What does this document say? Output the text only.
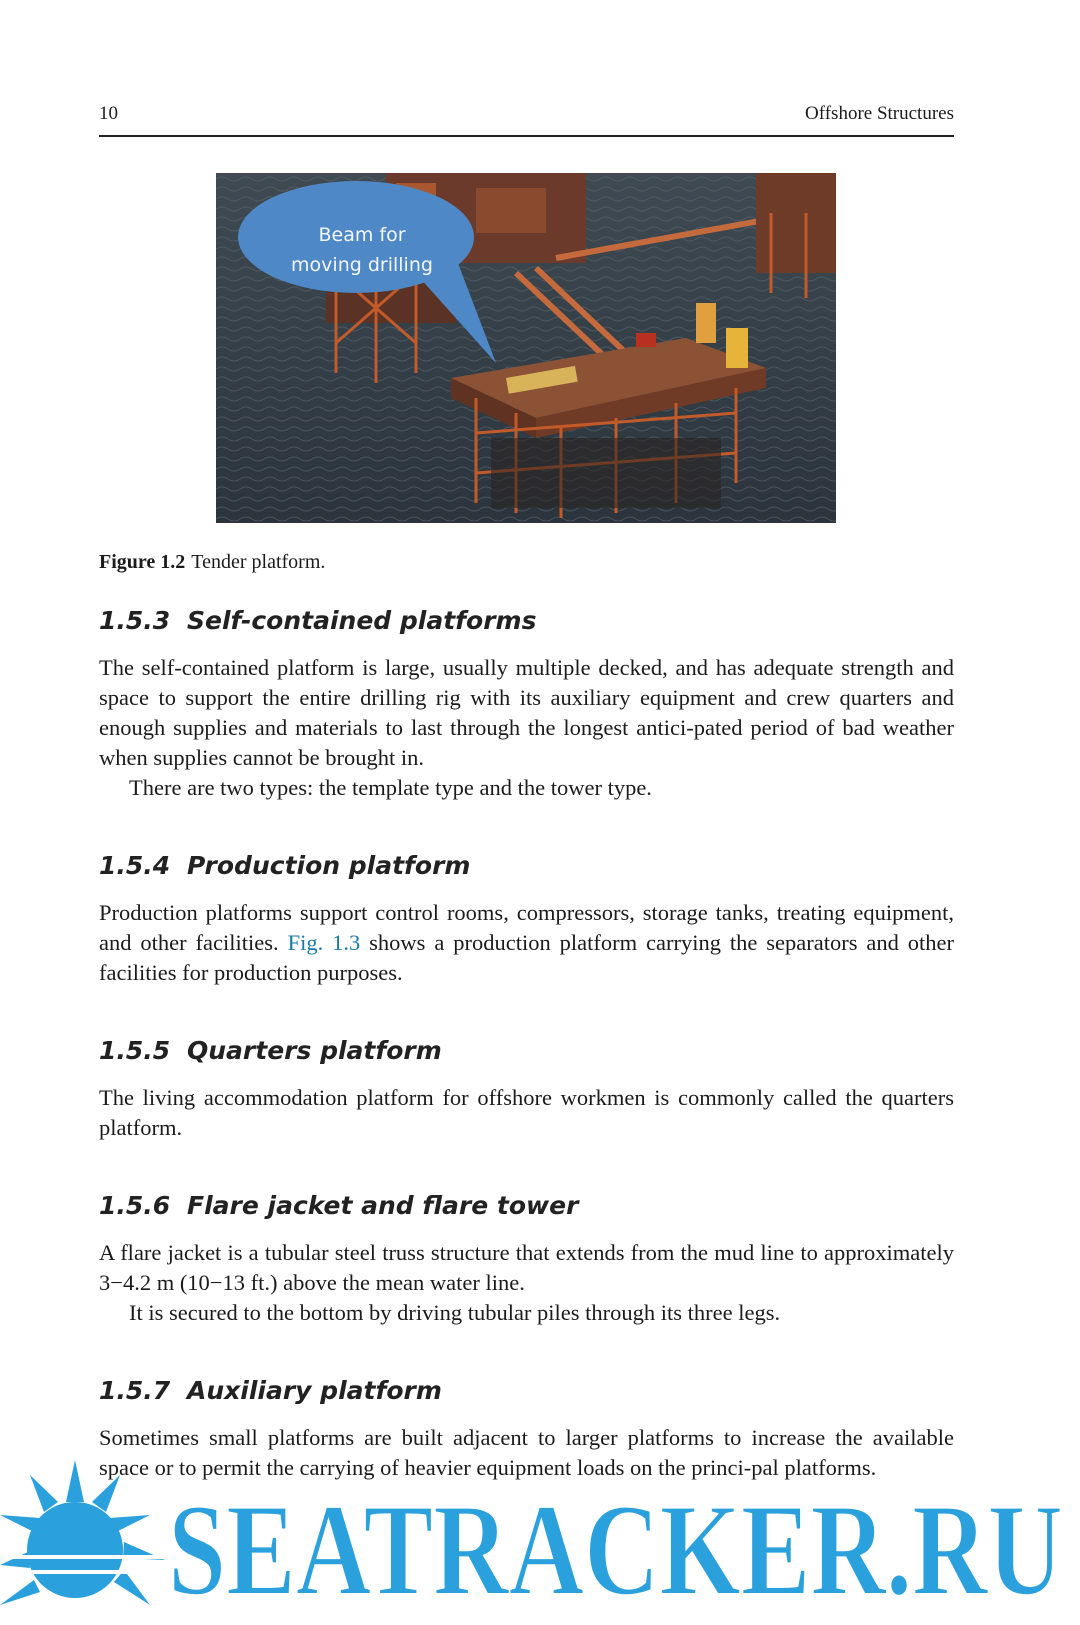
10	Offshore Structures
Beam for
moving drilling
Figure 1.2 Tender platform.
1.5.3 Self-contained platforms

The self-contained platform is large, usually multiple decked, and has adequate strength and space to support the entire drilling rig with its auxiliary equipment and crew quarters and enough supplies and materials to last through the longest antici-pated period of bad weather when supplies cannot be brought in.

There are two types: the template type and the tower type.

1.5.4 Production platform

Production platforms support control rooms, compressors, storage tanks, treating equipment, and other facilities. Fig. 1.3 shows a production platform carrying the separators and other facilities for production purposes.

1.5.5 Quarters platform

The living accommodation platform for offshore workmen is commonly called the quarters platform.

1.5.6 Flare jacket and flare tower

A flare jacket is a tubular steel truss structure that extends from the mud line to approximately 3−4.2 m (10−13 ft.) above the mean water line.

It is secured to the bottom by driving tubular piles through its three legs.

1.5.7 Auxiliary platform

Sometimes small platforms are built adjacent to larger platforms to increase the available space or to permit the carrying of heavier equipment loads on the princi-pal platforms.

SEATRACKER.RU
